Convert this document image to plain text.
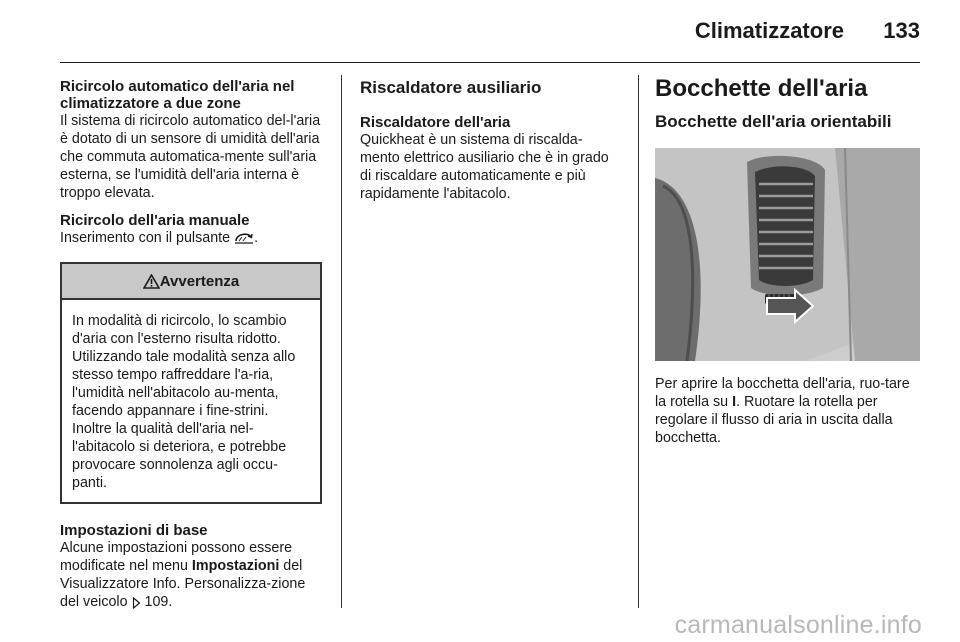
Climatizzatore 133
Ricircolo automatico dell'aria nel climatizzatore a due zone

Il sistema di ricircolo automatico del-l'aria è dotato di un sensore di umidità dell'aria che commuta automatica-mente sull'aria esterna, se l'umidità dell'aria interna è troppo elevata.

Ricircolo dell'aria manuale

Inserimento con il pulsante .

Avvertenza
In modalità di ricircolo, lo scambio d'aria con l'esterno risulta ridotto. Utilizzando tale modalità senza allo stesso tempo raffreddare l'a-ria, l'umidità nell'abitacolo au-menta, facendo appannare i fine-strini. Inoltre la qualità dell'aria nel-l'abitacolo si deteriora, e potrebbe provocare sonnolenza agli occu-panti.
Impostazioni di base

Alcune impostazioni possono essere modificate nel menu Impostazioni del Visualizzatore Info. Personalizza-zione del veicolo  109.

Riscaldatore ausiliario
Riscaldatore dell'aria

Quickheat è un sistema di riscalda-mento elettrico ausiliario che è in grado di riscaldare automaticamente e più rapidamente l'abitacolo.

Bocchette dell'aria
Bocchette dell'aria orientabili

Per aprire la bocchetta dell'aria, ruo-tare la rotella su I. Ruotare la rotella per regolare il flusso di aria in uscita dalla bocchetta.

carmanualsonline.info
